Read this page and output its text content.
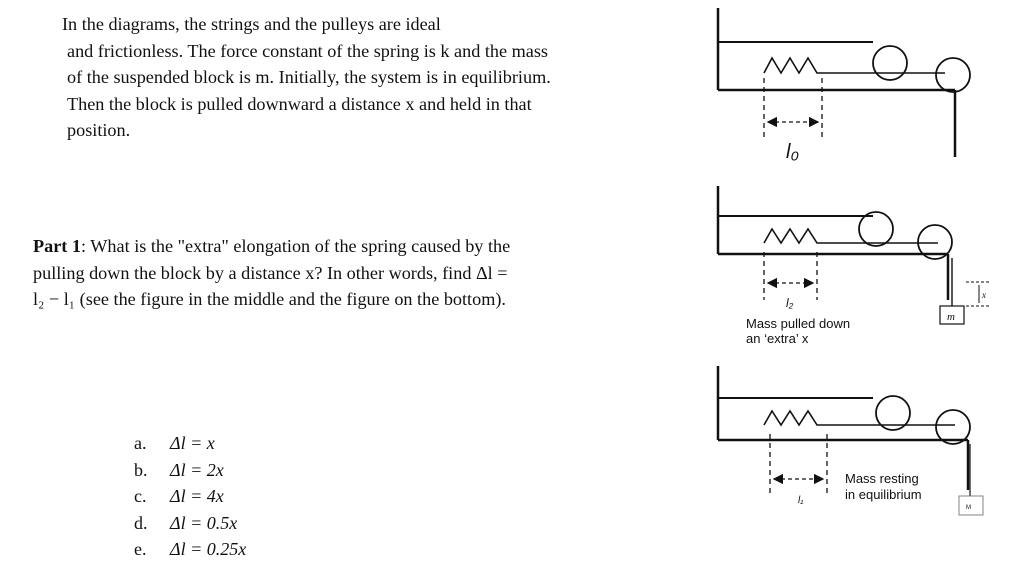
In the diagrams, the strings and the pulleys are ideal
and frictionless. The force constant of the spring is k and the mass
of the suspended block is m. Initially, the system is in equilibrium.
Then the block is pulled downward a distance x and held in that
position.

Part 1: What is the "extra" elongation of the spring caused by the
pulling down the block by a distance x? In other words, find Δl =
l₂ − l₁ (see the figure in the middle and the figure on the bottom).

a. Δl = x
b. Δl = 2x
c. Δl = 4x
d. Δl = 0.5x
e. Δl = 0.25x
l₀
l₂
m
x
Mass pulled down
an ‘extra’ x
l₁
M
Mass resting
in equilibrium
